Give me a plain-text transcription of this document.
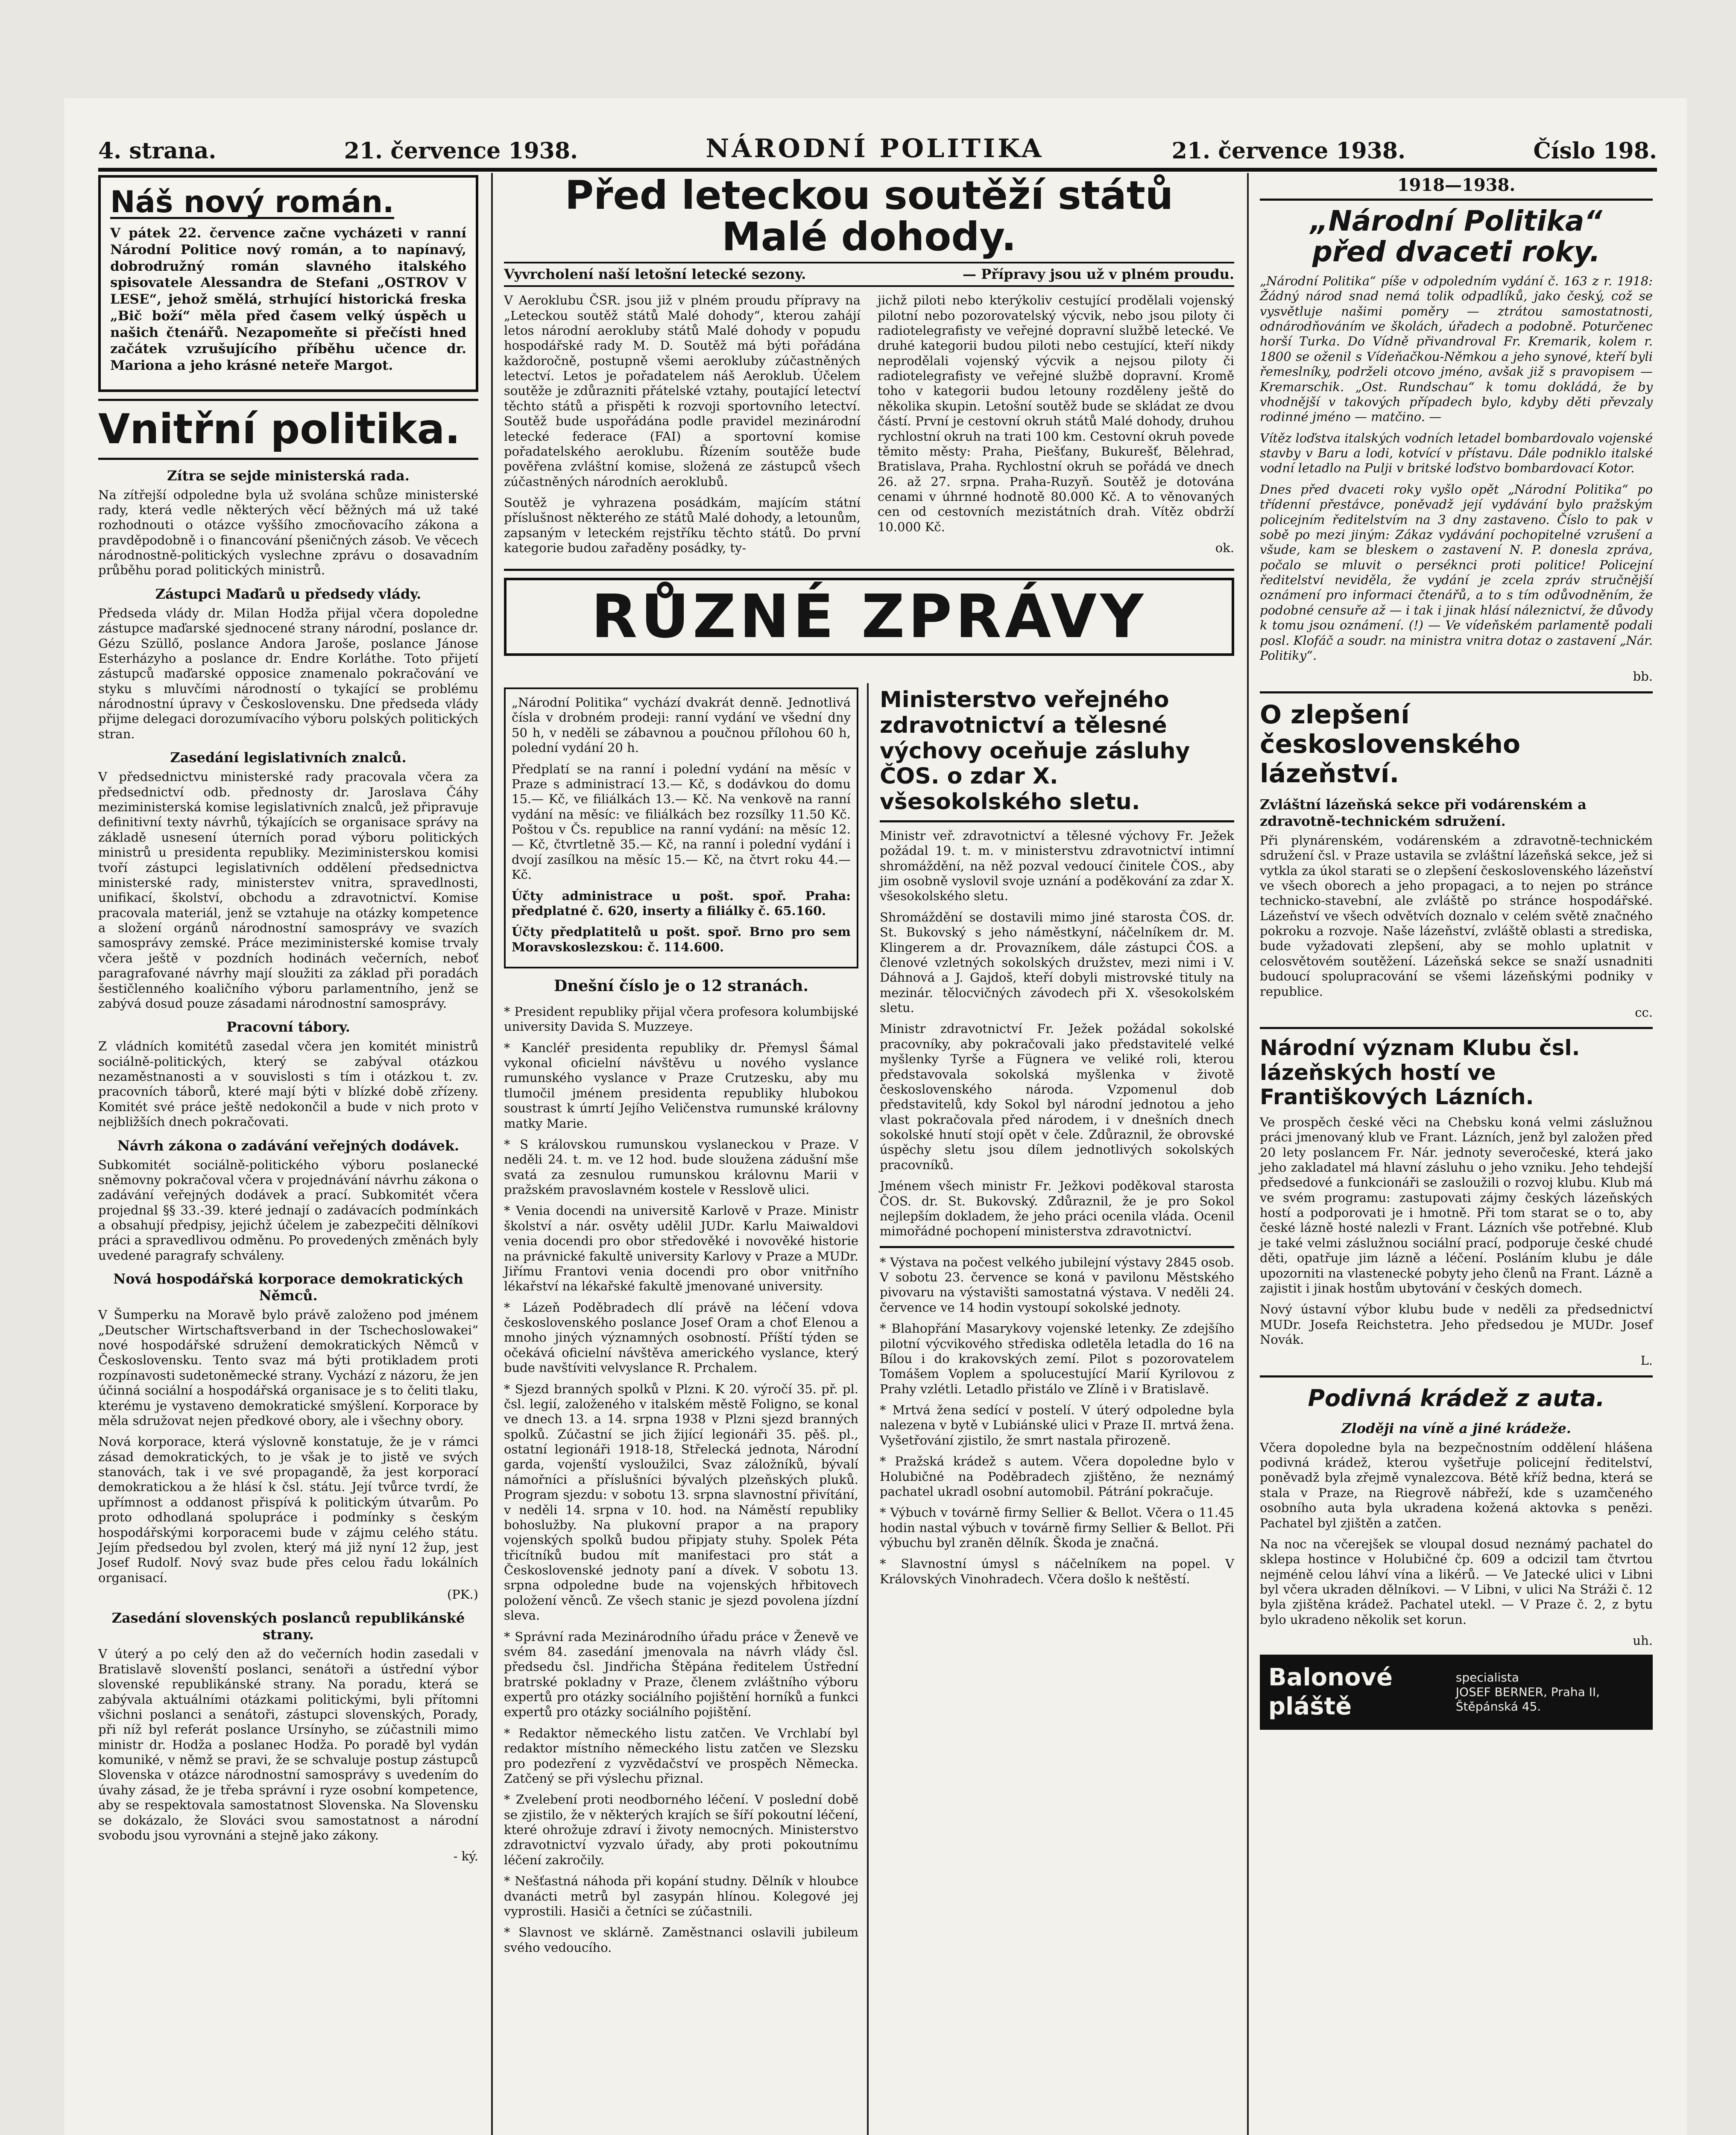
4. strana.	21. července 1938.	NÁRODNÍ POLITIKA	21. července 1938.	Číslo 198.
Náš nový román.

V pátek 22. července začne vycházeti v ranní Národní Politice nový román, a to napínavý, dobrodružný román slavného italského spisovatele Alessandra de Stefani „OSTROV V LESE“, jehož smělá, strhující historická freska „Bič boží“ měla před časem velký úspěch u našich čtenářů. Nezapomeňte si přečísti hned začátek vzrušujícího příběhu učence dr. Mariona a jeho krásné neteře Margot.

Vnitřní politika.
Zítra se sejde ministerská rada.

Na zítřejší odpoledne byla už svolána schůze ministerské rady, která vedle některých věcí běžných má už také rozhodnouti o otázce vyššího zmocňovacího zákona a pravděpodobně i o financování pšeničných zásob. Ve věcech národnostně-politických vyslechne zprávu o dosavadním průběhu porad politických ministrů.

Zástupci Maďarů u předsedy vlády.

Předseda vlády dr. Milan Hodža přijal včera dopoledne zástupce maďarské sjednocené strany národní, poslance dr. Gézu Szüllő, poslance Andora Jaroše, poslance Jánose Esterházyho a poslance dr. Endre Korláthe. Toto přijetí zástupců maďarské opposice znamenalo pokračování ve styku s mluvčími národností o tykající se problému národnostní úpravy v Československu. Dne předseda vlády přijme delegaci dorozumívacího výboru polských politických stran.

Zasedání legislativních znalců.

V předsednictvu ministerské rady pracovala včera za předsednictví odb. přednosty dr. Jaroslava Čáhy meziministerská komise legislativních znalců, jež připravuje definitivní texty návrhů, týkajících se organisace správy na základě usnesení úterních porad výboru politických ministrů u presidenta republiky. Meziministerskou komisi tvoří zástupci legislativních oddělení předsednictva ministerské rady, ministerstev vnitra, spravedlnosti, unifikací, školství, obchodu a zdravotnictví. Komise pracovala materiál, jenž se vztahuje na otázky kompetence a složení orgánů národnostní samosprávy ve svazích samosprávy zemské. Práce meziministerské komise trvaly včera ještě v pozdních hodinách večerních, neboť paragrafované návrhy mají sloužiti za základ při poradách šestičlenného koaličního výboru parlamentního, jenž se zabývá dosud pouze zásadami národnostní samosprávy.

Pracovní tábory.

Z vládních komitétů zasedal včera jen komitét ministrů sociálně-politických, který se zabýval otázkou nezaměstnanosti a v souvislosti s tím i otázkou t. zv. pracovních táborů, které mají býti v blízké době zřízeny. Komitét své práce ještě nedokončil a bude v nich proto v nejbližších dnech pokračovati.

Návrh zákona o zadávání veřejných dodávek.

Subkomitét sociálně-politického výboru poslanecké sněmovny pokračoval včera v projednávání návrhu zákona o zadávání veřejných dodávek a prací. Subkomitét včera projednal §§ 33.-39. které jednají o zadávacích podmínkách a obsahují předpisy, jejichž účelem je zabezpečiti dělníkovi práci a spravedlivou odměnu. Po provedených změnách byly uvedené paragrafy schváleny.

Nová hospodářská korporace demokratických Němců.

V Šumperku na Moravě bylo právě založeno pod jménem „Deutscher Wirtschaftsverband in der Tschechoslowakei“ nové hospodářské sdružení demokratických Němců v Československu. Tento svaz má býti protikladem proti rozpínavosti sudetoněmecké strany. Vychází z názoru, že jen účinná sociální a hospodářská organisace je s to čeliti tlaku, kterému je vystaveno demokratické smýšlení. Korporace by měla sdružovat nejen předkové obory, ale i všechny obory.

Nová korporace, která výslovně konstatuje, že je v rámci zásad demokratických, to je však je to jistě ve svých stanovách, tak i ve své propagandě, ža jest korporací demokratickou a že hlásí k čsl. státu. Její tvůrce tvrdí, že upřímnost a oddanost přispívá k politickým útvarům. Po proto odhodlaná spolupráce i podmínky s českým hospodářskými korporacemi bude v zájmu celého státu. Jejím předsedou byl zvolen, který má již nyní 12 žup, jest Josef Rudolf. Nový svaz bude přes celou řadu lokálních organisací.

(PK.)
Zasedání slovenských poslanců republikánské strany.

V úterý a po celý den až do večerních hodin zasedali v Bratislavě slovenští poslanci, senátoři a ústřední výbor slovenské republikánské strany. Na poradu, která se zabývala aktuálními otázkami politickými, byli přítomni všichni poslanci a senátoři, zástupci slovenských, Porady, při níž byl referát poslance Ursínyho, se zúčastnili mimo ministr dr. Hodža a poslanec Hodža. Po poradě byl vydán komuniké, v němž se pravi, že se schvaluje postup zástupců Slovenska v otázce národnostní samosprávy s uvedením do úvahy zásad, že je třeba správní i ryze osobní kompetence, aby se respektovala samostatnost Slovenska. Na Slovensku se dokázalo, že Slováci svou samostatnost a národní svobodu jsou vyrovnáni a stejně jako zákony.

- ký.
Před leteckou soutěží států
Malé dohody.
Vyvrcholení naší letošní letecké sezony.	— Přípravy jsou už v plném proudu.

V Aeroklubu ČSR. jsou již v plném proudu přípravy na „Leteckou soutěž států Malé dohody“, kterou zahájí letos národní aerokluby států Malé dohody v popudu hospodářské rady M. D. Soutěž má býti pořádána každoročně, postupně všemi aerokluby zúčastněných letectví. Letos je pořadatelem náš Aeroklub. Účelem soutěže je zdůrazniti přátelské vztahy, poutající letectví těchto států a přispěti k rozvoji sportovního letectví. Soutěž bude uspořádána podle pravidel mezinárodní letecké federace (FAI) a sportovní komise pořadatelského aeroklubu. Řízením soutěže bude pověřena zvláštní komise, složená ze zástupců všech zúčastněných národních aeroklubů.

Soutěž je vyhrazena posádkám, majícím státní příslušnost některého ze států Malé dohody, a letounům, zapsaným v leteckém rejstříku těchto států. Do první kategorie budou zařaděny posádky, ty-

jichž piloti nebo kterýkoliv cestující prodělali vojenský pilotní nebo pozorovatelský výcvik, nebo jsou piloty či radiotelegrafisty ve veřejné dopravní službě letecké. Ve druhé kategorii budou piloti nebo cestující, kteří nikdy neprodělali vojenský výcvik a nejsou piloty či radiotelegrafisty ve veřejné službě dopravní. Kromě toho v kategorii budou letouny rozděleny ještě do několika skupin. Letošní soutěž bude se skládat ze dvou částí. První je cestovní okruh států Malé dohody, druhou rychlostní okruh na trati 100 km. Cestovní okruh povede těmito městy: Praha, Piešťany, Bukurešť, Bělehrad, Bratislava, Praha. Rychlostní okruh se pořádá ve dnech 26. až 27. srpna. Praha-Ruzyň. Soutěž je dotována cenami v úhrnné hodnotě 80.000 Kč. A to věnovaných cen od cestovních mezistátních drah. Vítěz obdrží 10.000 Kč.

ok.
RŮZNÉ ZPRÁVY

„Národní Politika“ vychází dvakrát denně. Jednotlivá čísla v drobném prodeji: ranní vydání ve všední dny 50 h, v neděli se zábavnou a poučnou přílohou 60 h, polední vydání 20 h.

Předplatí se na ranní i polední vydání na měsíc v Praze s administrací 13.— Kč, s dodávkou do domu 15.— Kč, ve filiálkách 13.— Kč. Na venkově na ranní vydání na měsíc: ve filiálkách bez rozsílky 11.50 Kč. Poštou v Čs. republice na ranní vydání: na měsíc 12.— Kč, čtvrtletně 35.— Kč, na ranní i polední vydání i dvojí zasílkou na měsíc 15.— Kč, na čtvrt roku 44.—Kč.

Účty administrace u pošt. spoř. Praha: předplatné č. 620, inserty a filiálky č. 65.160.

Účty předplatitelů u pošt. spoř. Brno pro sem Moravskoslezskou: č. 114.600.

Dnešní číslo je o 12 stranách.

* President republiky přijal včera profesora kolumbijské university Davida S. Muzzeye.

* Kancléř presidenta republiky dr. Přemysl Šámal vykonal oficielní návštěvu u nového vyslance rumunského vyslance v Praze Crutzesku, aby mu tlumočil jménem presidenta republiky hlubokou soustrast k úmrtí Jejího Veličenstva rumunské královny matky Marie.

* S královskou rumunskou vyslaneckou v Praze. V neděli 24. t. m. ve 12 hod. bude sloužena zádušní mše svatá za zesnulou rumunskou královnu Marii v pražském pravoslavném kostele v Resslově ulici.

* Venia docendi na universitě Karlově v Praze. Ministr školství a nár. osvěty udělil JUDr. Karlu Maiwaldovi venia docendi pro obor středověké i novověké historie na právnické fakultě university Karlovy v Praze a MUDr. Jiřímu Frantovi venia docendi pro obor vnitřního lékařství na lékařské fakultě jmenované university.

* Lázeň Poděbradech dlí právě na léčení vdova československého poslance Josef Oram a choť Elenou a mnoho jiných významných osobností. Příští týden se očekává oficielní návštěva amerického vyslance, který bude navštíviti velvyslance R. Prchalem.

* Sjezd branných spolků v Plzni. K 20. výročí 35. př. pl. čsl. legií, založeného v italském městě Foligno, se konal ve dnech 13. a 14. srpna 1938 v Plzni sjezd branných spolků. Zúčastní se jich žijící legionáři 35. pěš. pl., ostatní legionáři 1918-18, Střelecká jednota, Národní garda, vojenští vysloužilci, Svaz záložníků, bývalí námořníci a příslušníci bývalých plzeňských pluků. Program sjezdu: v sobotu 13. srpna slavnostní přivítání, v neděli 14. srpna v 10. hod. na Náměstí republiky bohoslužby. Na plukovní prapor a na prapory vojenských spolků budou připjaty stuhy. Spolek Péta třicítníků budou mít manifestaci pro stát a Československé jednoty paní a dívek. V sobotu 13. srpna odpoledne bude na vojenských hřbitovech položení věnců. Ze všech stanic je sjezd povolena jízdní sleva.

* Správní rada Mezinárodního úřadu práce v Ženevě ve svém 84. zasedání jmenovala na návrh vlády čsl. předsedu čsl. Jindřicha Štěpána ředitelem Ústřední bratrské pokladny v Praze, členem zvláštního výboru expertů pro otázky sociálního pojištění horníků a funkci expertů pro otázky sociálního pojištění.

* Redaktor německého listu zatčen. Ve Vrchlabí byl redaktor místního německého listu zatčen ve Slezsku pro podezření z vyzvědačství ve prospěch Německa. Zatčený se při výslechu přiznal.

* Zvelebení proti neodborného léčení. V poslední době se zjistilo, že v některých krajích se šíří pokoutní léčení, které ohrožuje zdraví i životy nemocných. Ministerstvo zdravotnictví vyzvalo úřady, aby proti pokoutnímu léčení zakročily.

* Nešťastná náhoda při kopání studny. Dělník v hloubce dvanácti metrů byl zasypán hlínou. Kolegové jej vyprostili. Hasiči a četníci se zúčastnili.

* Slavnost ve sklárně. Zaměstnanci oslavili jubileum svého vedoucího.

Ministerstvo veřejného zdravotnictví a tělesné výchovy oceňuje zásluhy ČOS. o zdar X. všesokolského sletu.

Ministr veř. zdravotnictví a tělesné výchovy Fr. Ježek požádal 19. t. m. v ministerstvu zdravotnictví intimní shromáždění, na něž pozval vedoucí činitele ČOS., aby jim osobně vyslovil svoje uznání a poděkování za zdar X. všesokolského sletu.

Shromáždění se dostavili mimo jiné starosta ČOS. dr. St. Bukovský s jeho náměstkyní, náčelníkem dr. M. Klingerem a dr. Provazníkem, dále zástupci ČOS. a členové vzletných sokolských družstev, mezi nimi i V. Dáhnová a J. Gajdoš, kteří dobyli mistrovské tituly na mezinár. tělocvičných závodech při X. všesokolském sletu.

Ministr zdravotnictví Fr. Ježek požádal sokolské pracovníky, aby pokračovali jako představitelé velké myšlenky Tyrše a Fügnera ve veliké roli, kterou představovala sokolská myšlenka v životě československého národa. Vzpomenul dob představitelů, kdy Sokol byl národní jednotou a jeho vlast pokračovala před národem, i v dnešních dnech sokolské hnutí stojí opět v čele. Zdůraznil, že obrovské úspěchy sletu jsou dílem jednotlivých sokolských pracovníků.

Jménem všech ministr Fr. Ježkovi poděkoval starosta ČOS. dr. St. Bukovský. Zdůraznil, že je pro Sokol nejlepším dokladem, že jeho práci ocenila vláda. Ocenil mimořádné pochopení ministerstva zdravotnictví.

* Výstava na počest velkého jubilejní výstavy 2845 osob. V sobotu 23. července se koná v pavilonu Městského pivovaru na výstavišti samostatná výstava. V neděli 24. července ve 14 hodin vystoupí sokolské jednoty.

* Blahopřání Masarykovy vojenské letenky. Ze zdejšího pilotní výcvikového střediska odletěla letadla do 16 na Bílou i do krakovských zemí. Pilot s pozorovatelem Tomášem Voplem a spolucestující Marií Kyrilovou z Prahy vzlétli. Letadlo přistálo ve Zlíně i v Bratislavě.

* Mrtvá žena sedící v postelí. V úterý odpoledne byla nalezena v bytě v Lubiánské ulici v Praze II. mrtvá žena. Vyšetřování zjistilo, že smrt nastala přirozeně.

* Pražská krádež s autem. Včera dopoledne bylo v Holubičné na Poděbradech zjištěno, že neznámý pachatel ukradl osobní automobil. Pátrání pokračuje.

* Výbuch v továrně firmy Sellier & Bellot. Včera o 11.45 hodin nastal výbuch v továrně firmy Sellier & Bellot. Při výbuchu byl zraněn dělník. Škoda je značná.

* Slavnostní úmysl s náčelníkem na popel. V Královských Vinohradech. Včera došlo k neštěstí.

1918—1938.
„Národní Politika“
před dvaceti roky.

„Národní Politika“ píše v odpoledním vydání č. 163 z r. 1918: Žádný národ snad nemá tolik odpadlíků, jako český, což se vysvětluje našimi poměry — ztrátou samostatnosti, odnárodňováním ve školách, úřadech a podobně. Poturčenec horší Turka. Do Vídně přivandroval Fr. Kremarik, kolem r. 1800 se oženil s Vídeňačkou-Němkou a jeho synové, kteří byli řemeslníky, podrželi otcovo jméno, avšak již s pravopisem — Kremarschik. „Ost. Rundschau“ k tomu dokládá, že by vhodnější v takových případech bylo, kdyby děti převzaly rodinné jméno — matčino. —

Vítěz loďstva italských vodních letadel bombardovalo vojenské stavby v Baru a lodi, kotvící v přístavu. Dále podniklo italské vodní letadlo na Pulji v britské loďstvo bombardovací Kotor.

Dnes před dvaceti roky vyšlo opět „Národní Politika“ po třídenní přestávce, poněvadž její vydávání bylo pražským policejním ředitelstvím na 3 dny zastaveno. Číslo to pak v sobě po mezi jiným: Zákaz vydávání pochopitelné vzrušení a všude, kam se bleskem o zastavení N. P. donesla zpráva, počalo se mluvit o perséknci proti politice! Policejní ředitelství neviděla, že vydání je zcela zpráv stručnější oznámení pro informaci čtenářů, a to s tím odůvodněním, že podobné censuře až — i tak i jinak hlásí náleznictví, že důvody k tomu jsou oznámení. (!) — Ve vídeňském parlamentě podali posl. Klofáč a soudr. na ministra vnitra dotaz o zastavení „Nár. Politiky“.

bb.
O zlepšení československého lázeňství.
Zvláštní lázeňská sekce při vodárenském a zdravotně-technickém sdružení.

Při plynárenském, vodárenském a zdravotně-technickém sdružení čsl. v Praze ustavila se zvláštní lázeňská sekce, jež si vytkla za úkol starati se o zlepšení československého lázeňství ve všech oborech a jeho propagaci, a to nejen po stránce technicko-stavební, ale zvláště po stránce hospodářské. Lázeňství ve všech odvětvích doznalo v celém světě značného pokroku a rozvoje. Naše lázeňství, zvláště oblasti a strediska, bude vyžadovati zlepšení, aby se mohlo uplatnit v celosvětovém soutěžení. Lázeňská sekce se snaží usnadniti budoucí spolupracování se všemi lázeňskými podniky v republice.

cc.
Národní význam Klubu čsl. lázeňských hostí ve Františkových Lázních.

Ve prospěch české věci na Chebsku koná velmi záslužnou práci jmenovaný klub ve Frant. Lázních, jenž byl založen před 20 lety poslancem Fr. Nár. jednoty severočeské, která jako jeho zakladatel má hlavní zásluhu o jeho vzniku. Jeho tehdejší předsedové a funkcionáři se zasloužili o rozvoj klubu. Klub má ve svém programu: zastupovati zájmy českých lázeňských hostí a podporovati je i hmotně. Při tom starat se o to, aby české lázně hosté nalezli v Frant. Lázních vše potřebné. Klub je také velmi záslužnou sociální prací, podporuje české chudé děti, opatřuje jim lázně a léčení. Posláním klubu je dále upozorniti na vlastenecké pobyty jeho členů na Frant. Lázně a zajistit i jinak hostům ubytování v českých domech.

Nový ústavní výbor klubu bude v neděli za předsednictví MUDr. Josefa Reichstetra. Jeho předsedou je MUDr. Josef Novák.

L.
Podivná krádež z auta.
Zloději na víně a jiné krádeže.

Včera dopoledne byla na bezpečnostním oddělení hlášena podivná krádež, kterou vyšetřuje policejní ředitelství, poněvadž byla zřejmě vynalezcova. Bétě kříž bedna, která se stala v Praze, na Riegrově nábřeží, kde s uzamčeného osobního auta byla ukradena kožená aktovka s penězi. Pachatel byl zjištěn a zatčen.

Na noc na včerejšek se vloupal dosud neznámý pachatel do sklepa hostince v Holubičné čp. 609 a odcizil tam čtvrtou nejméně celou láhví vína a likérů. — Ve Jatecké ulici v Libni byl včera ukraden dělníkovi. — V Libni, v ulici Na Stráži č. 12 byla zjištěna krádež. Pachatel utekl. — V Praze č. 2, z bytu bylo ukradeno několik set korun.

uh.
Balonové pláště
specialista
JOSEF BERNER, Praha II, Štěpánská 45.
